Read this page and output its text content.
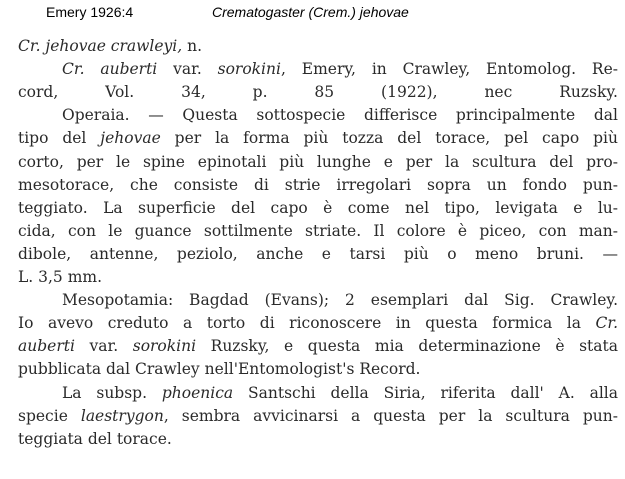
Emery 1926:4	Crematogaster (Crem.) jehovae
Cr. jehovae crawleyi, n.
Cr. auberti var. sorokini, Emery, in Crawley, Entomolog. Re-
cord, Vol. 34, p. 85 (1922), nec Ruzsky.
Operaia. — Questa sottospecie differisce principalmente dal
tipo del jehovae per la forma più tozza del torace, pel capo più
corto, per le spine epinotali più lunghe e per la scultura del pro-
mesotorace, che consiste di strie irregolari sopra un fondo pun-
teggiato. La superficie del capo è come nel tipo, levigata e lu-
cida, con le guance sottilmente striate. Il colore è piceo, con man-
dibole, antenne, peziolo, anche e tarsi più o meno bruni. —
L. 3,5 mm.
Mesopotamia: Bagdad (Evans); 2 esemplari dal Sig. Crawley.
Io avevo creduto a torto di riconoscere in questa formica la Cr.
auberti var. sorokini Ruzsky, e questa mia determinazione è stata
pubblicata dal Crawley nell'Entomologist's Record.
La subsp. phoenica Santschi della Siria, riferita dall' A. alla
specie laestrygon, sembra avvicinarsi a questa per la scultura pun-
teggiata del torace.
